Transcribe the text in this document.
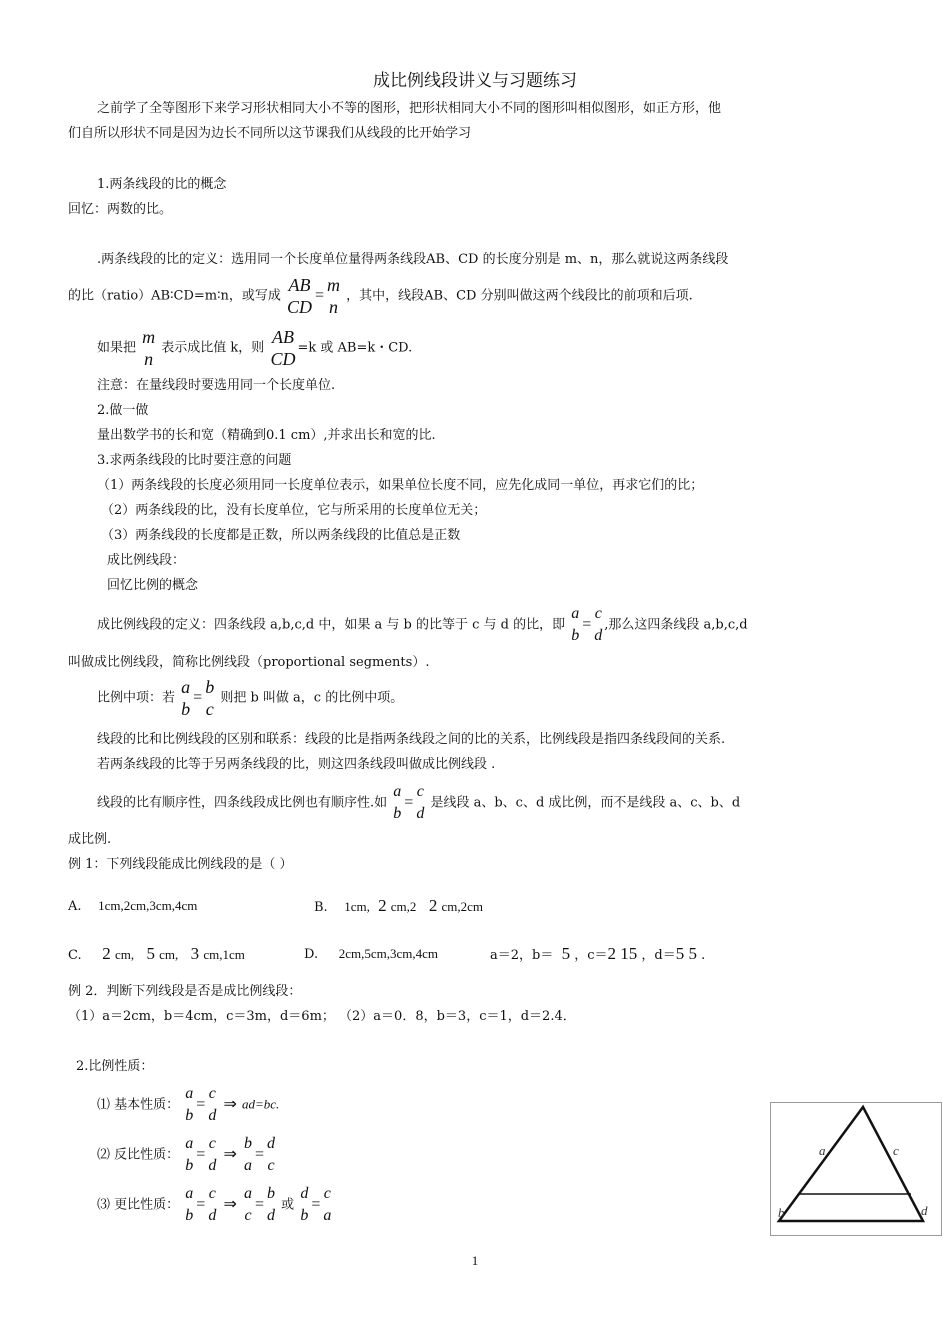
成比例线段讲义与习题练习
之前学了全等图形下来学习形状相同大小不等的图形，把形状相同大小不同的图形叫相似图形，如正方形，他
们自所以形状不同是因为边长不同所以这节课我们从线段的比开始学习
1.两条线段的比的概念
回忆：两数的比。
.两条线段的比的定义：选用同一个长度单位量得两条线段AB、CD 的长度分别是 m、n，那么就说这两条线段
的比（ratio）AB∶CD=m∶n，或写成
AB
CD
=
m
n
，其中，线段AB、CD 分别叫做这两个线段比的前项和后项.
如果把
m
n
表示成比值 k，则
AB
CD
=k 或 AB=k・CD.
注意：在量线段时要选用同一个长度单位.
2.做一做
量出数学书的长和宽（精确到0.1 cm）,并求出长和宽的比.
3.求两条线段的比时要注意的问题
（1）两条线段的长度必须用同一长度单位表示，如果单位长度不同，应先化成同一单位，再求它们的比；
（2）两条线段的比，没有长度单位，它与所采用的长度单位无关；
（3）两条线段的长度都是正数，所以两条线段的比值总是正数
成比例线段：
回忆比例的概念
成比例线段的定义：四条线段 a,b,c,d 中，如果 a 与 b 的比等于 c 与 d 的比，即
a
b
=
c
d
,那么这四条线段 a,b,c,d
叫做成比例线段，简称比例线段（proportional segments）.
比例中项：若
a
b
=
b
c
则把 b 叫做 a，c 的比例中项。
线段的比和比例线段的区别和联系：线段的比是指两条线段之间的比的关系，比例线段是指四条线段间的关系.
若两条线段的比等于另两条线段的比，则这四条线段叫做成比例线段 .
线段的比有顺序性，四条线段成比例也有顺序性.如
a
b
=
c
d
是线段 a、b、c、d 成比例，而不是线段 a、c、b、d
成比例.
例 1：下列线段能成比例线段的是（ ）
A. 1cm,2cm,3cm,4cm	B. 1cm, 2 cm,2 2 cm,2cm
C. 2 cm, 5 cm, 3 cm,1cm	D. 2cm,5cm,3cm,4cm	a＝2，b＝ 5 ，c＝2 15 ，d＝5 5 .
例 2．判断下列线段是否是成比例线段：
（1）a＝2cm，b＝4cm，c＝3m，d＝6m； （2）a＝0．8，b＝3，c＝1，d＝2.4．
2.比例性质：
⑴ 基本性质：
a
b
=
c
d
⇒ ad=bc.
⑵ 反比性质：
a
b
=
c
d
⇒
b
a
=
d
c
⑶ 更比性质：
a
b
=
c
d
⇒
a
c
=
b
d
或
d
b
=
c
a
a	c
b	d
1
